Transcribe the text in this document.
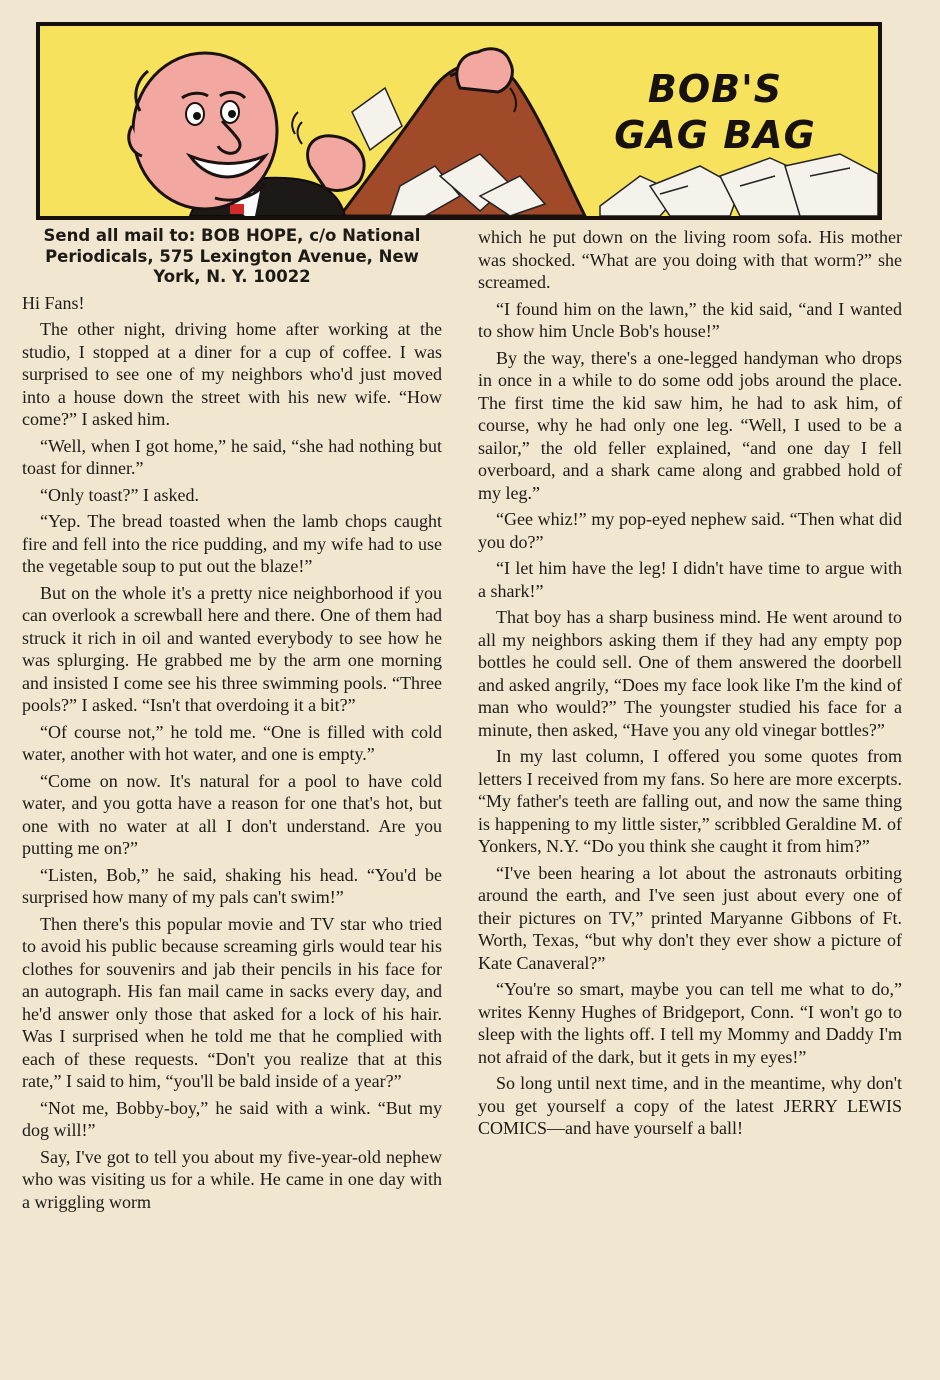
BOB'S
GAG BAG

Send all mail to: BOB HOPE, c/o National Periodicals, 575 Lexington Avenue, New York, N. Y. 10022

Hi Fans!

The other night, driving home after working at the studio, I stopped at a diner for a cup of coffee. I was surprised to see one of my neighbors who'd just moved into a house down the street with his new wife. “How come?” I asked him.

“Well, when I got home,” he said, “she had nothing but toast for dinner.”

“Only toast?” I asked.

“Yep. The bread toasted when the lamb chops caught fire and fell into the rice pudding, and my wife had to use the vegetable soup to put out the blaze!”

But on the whole it's a pretty nice neighborhood if you can overlook a screwball here and there. One of them had struck it rich in oil and wanted everybody to see how he was splurging. He grabbed me by the arm one morning and insisted I come see his three swimming pools. “Three pools?” I asked. “Isn't that overdoing it a bit?”

“Of course not,” he told me. “One is filled with cold water, another with hot water, and one is empty.”

“Come on now. It's natural for a pool to have cold water, and you gotta have a reason for one that's hot, but one with no water at all I don't understand. Are you putting me on?”

“Listen, Bob,” he said, shaking his head. “You'd be surprised how many of my pals can't swim!”

Then there's this popular movie and TV star who tried to avoid his public because screaming girls would tear his clothes for souvenirs and jab their pencils in his face for an autograph. His fan mail came in sacks every day, and he'd answer only those that asked for a lock of his hair. Was I surprised when he told me that he complied with each of these requests. “Don't you realize that at this rate,” I said to him, “you'll be bald inside of a year?”

“Not me, Bobby-boy,” he said with a wink. “But my dog will!”

Say, I've got to tell you about my five-year-old nephew who was visiting us for a while. He came in one day with a wriggling worm

which he put down on the living room sofa. His mother was shocked. “What are you doing with that worm?” she screamed.

“I found him on the lawn,” the kid said, “and I wanted to show him Uncle Bob's house!”

By the way, there's a one-legged handyman who drops in once in a while to do some odd jobs around the place. The first time the kid saw him, he had to ask him, of course, why he had only one leg. “Well, I used to be a sailor,” the old feller explained, “and one day I fell overboard, and a shark came along and grabbed hold of my leg.”

“Gee whiz!” my pop-eyed nephew said. “Then what did you do?”

“I let him have the leg! I didn't have time to argue with a shark!”

That boy has a sharp business mind. He went around to all my neighbors asking them if they had any empty pop bottles he could sell. One of them answered the doorbell and asked angrily, “Does my face look like I'm the kind of man who would?” The youngster studied his face for a minute, then asked, “Have you any old vinegar bottles?”

In my last column, I offered you some quotes from letters I received from my fans. So here are more excerpts. “My father's teeth are falling out, and now the same thing is happening to my little sister,” scribbled Geraldine M. of Yonkers, N.Y. “Do you think she caught it from him?”

“I've been hearing a lot about the astronauts orbiting around the earth, and I've seen just about every one of their pictures on TV,” printed Maryanne Gibbons of Ft. Worth, Texas, “but why don't they ever show a picture of Kate Canaveral?”

“You're so smart, maybe you can tell me what to do,” writes Kenny Hughes of Bridgeport, Conn. “I won't go to sleep with the lights off. I tell my Mommy and Daddy I'm not afraid of the dark, but it gets in my eyes!”

So long until next time, and in the meantime, why don't you get yourself a copy of the latest JERRY LEWIS COMICS—and have yourself a ball!
